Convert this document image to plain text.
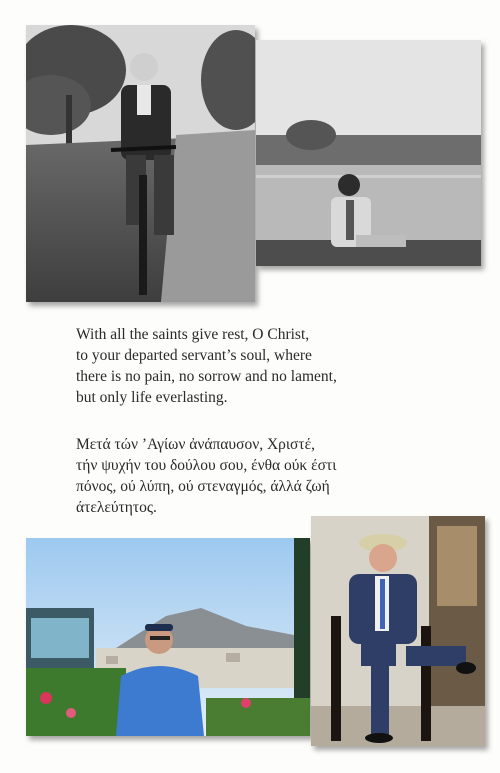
With all the saints give rest, O Christ,
to your departed servant’s soul, where
there is no pain, no sorrow and no lament,
but only life everlasting.

Μετά τών ’Αγίων ἀνάπαυσον, Χριστέ,
τήν ψυχήν του δούλου σου, ένθα ούκ έστι
πόνος, ού λύπη, ού στεναγμός, άλλά ζωή
άτελεύτητος.
